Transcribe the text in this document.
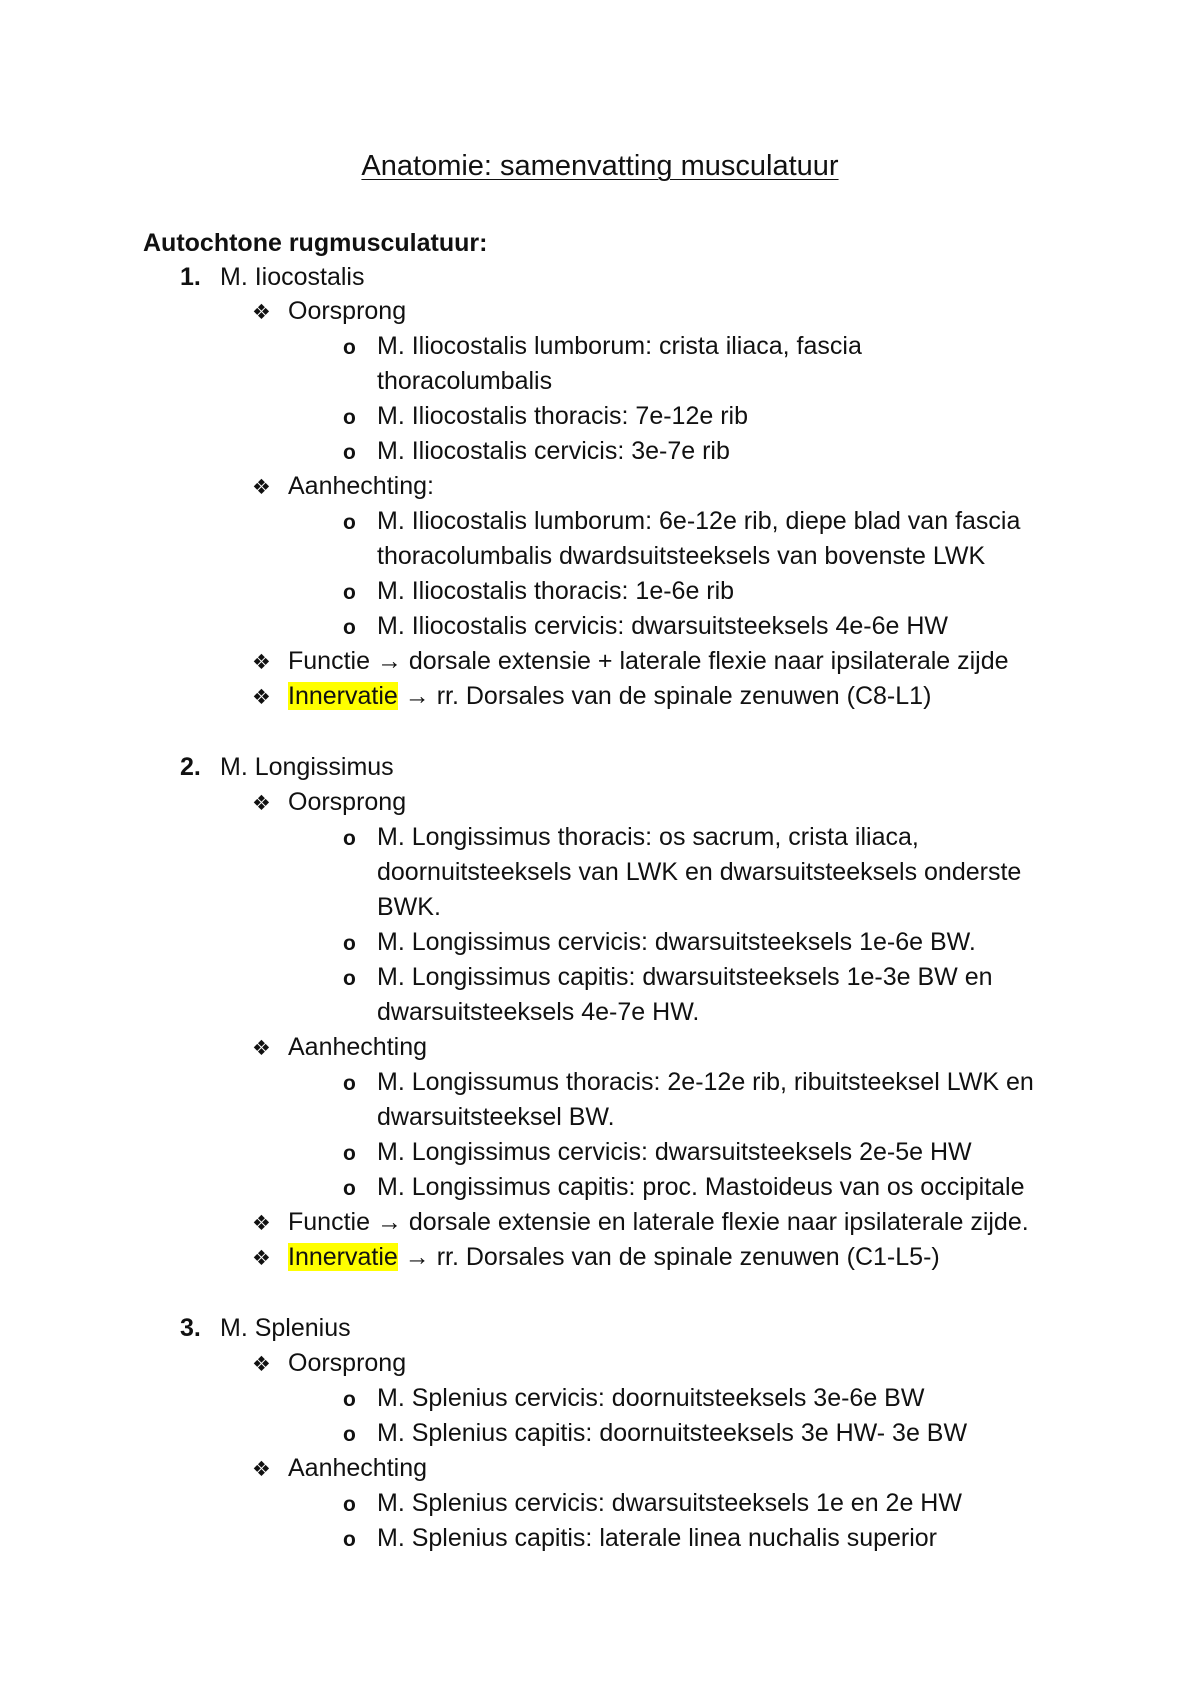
Anatomie: samenvatting musculatuur
Autochtone rugmusculatuur:
1. M. Iiocostalis
❖ Oorsprong
o M. Iliocostalis lumborum: crista iliaca, fascia
thoracolumbalis
o M. Iliocostalis thoracis: 7e-12e rib
o M. Iliocostalis cervicis: 3e-7e rib
❖ Aanhechting:
o M. Iliocostalis lumborum: 6e-12e rib, diepe blad van fascia
thoracolumbalis dwardsuitsteeksels van bovenste LWK
o M. Iliocostalis thoracis: 1e-6e rib
o M. Iliocostalis cervicis: dwarsuitsteeksels 4e-6e HW
❖ Functie → dorsale extensie + laterale flexie naar ipsilaterale zijde
❖ Innervatie → rr. Dorsales van de spinale zenuwen (C8-L1)
2. M. Longissimus
❖ Oorsprong
o M. Longissimus thoracis: os sacrum, crista iliaca,
doornuitsteeksels van LWK en dwarsuitsteeksels onderste
BWK.
o M. Longissimus cervicis: dwarsuitsteeksels 1e-6e BW.
o M. Longissimus capitis: dwarsuitsteeksels 1e-3e BW en
dwarsuitsteeksels 4e-7e HW.
❖ Aanhechting
o M. Longissumus thoracis: 2e-12e rib, ribuitsteeksel LWK en
dwarsuitsteeksel BW.
o M. Longissimus cervicis: dwarsuitsteeksels 2e-5e HW
o M. Longissimus capitis: proc. Mastoideus van os occipitale
❖ Functie → dorsale extensie en laterale flexie naar ipsilaterale zijde.
❖ Innervatie → rr. Dorsales van de spinale zenuwen (C1-L5-)
3. M. Splenius
❖ Oorsprong
o M. Splenius cervicis: doornuitsteeksels 3e-6e BW
o M. Splenius capitis: doornuitsteeksels 3e HW- 3e BW
❖ Aanhechting
o M. Splenius cervicis: dwarsuitsteeksels 1e en 2e HW
o M. Splenius capitis: laterale linea nuchalis superior
